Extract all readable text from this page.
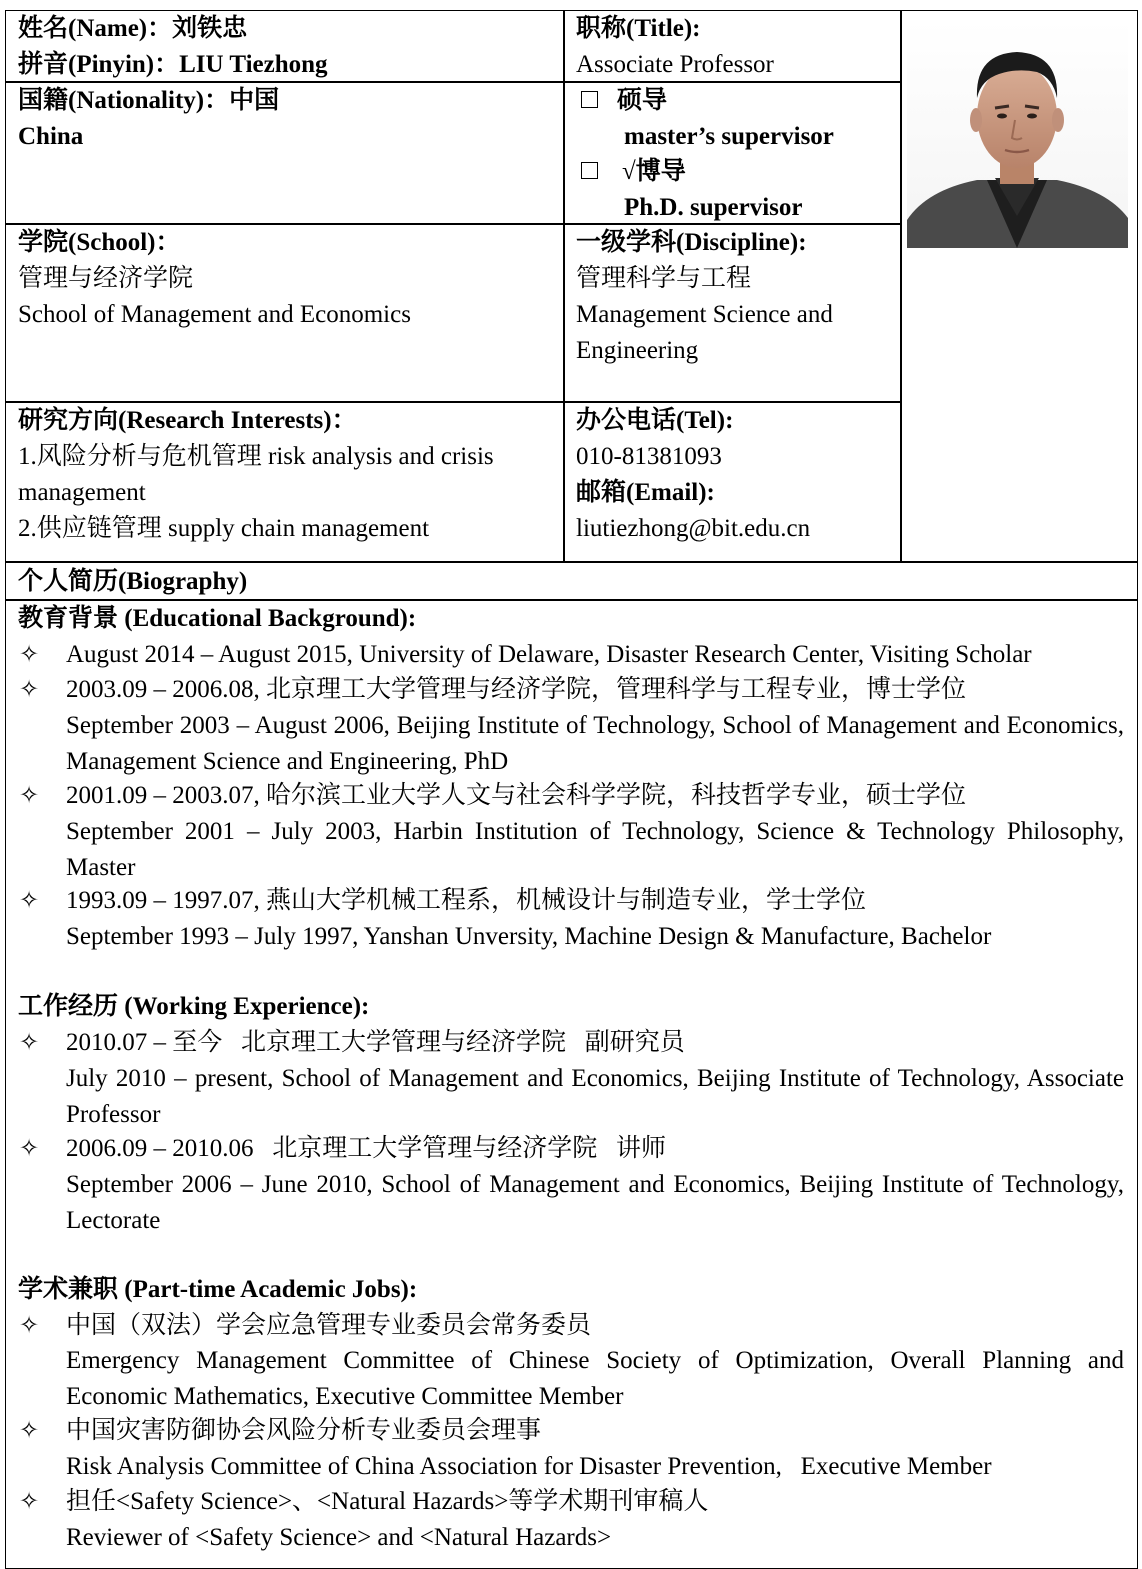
姓名(Name)：刘铁忠
拼音(Pinyin)：LIU Tiezhong
职称(Title):
Associate Professor
国籍(Nationality)：中国
China
硕导
master’s supervisor
√博导
Ph.D. supervisor
学院(School)：
管理与经济学院
School of Management and Economics
一级学科(Discipline):
管理科学与工程
Management Science and
Engineering
研究方向(Research Interests)：
1.风险分析与危机管理 risk analysis and crisis
management
2.供应链管理 supply chain management
办公电话(Tel):
010-81381093
邮箱(Email):
liutiezhong@bit.edu.cn
个人简历(Biography)
教育背景 (Educational Background):
✧ August 2014 – August 2015, University of Delaware, Disaster Research Center, Visiting Scholar
✧ 2003.09 – 2006.08, 北京理工大学管理与经济学院，管理科学与工程专业，博士学位
September 2003 – August 2006, Beijing Institute of Technology, School of Management and Economics, Management Science and Engineering, PhD
✧ 2001.09 – 2003.07, 哈尔滨工业大学人文与社会科学学院，科技哲学专业，硕士学位
September 2001 – July 2003, Harbin Institution of Technology, Science & Technology Philosophy, Master
✧ 1993.09 – 1997.07, 燕山大学机械工程系，机械设计与制造专业，学士学位
September 1993 – July 1997, Yanshan Unversity, Machine Design & Manufacture, Bachelor
工作经历 (Working Experience):
✧ 2010.07 – 至今   北京理工大学管理与经济学院   副研究员
July 2010 – present, School of Management and Economics, Beijing Institute of Technology, Associate Professor
✧ 2006.09 – 2010.06   北京理工大学管理与经济学院   讲师
September 2006 – June 2010, School of Management and Economics, Beijing Institute of Technology, Lectorate
学术兼职 (Part-time Academic Jobs):
✧ 中国（双法）学会应急管理专业委员会常务委员
Emergency Management Committee of Chinese Society of Optimization, Overall Planning and Economic Mathematics, Executive Committee Member
✧ 中国灾害防御协会风险分析专业委员会理事
Risk Analysis Committee of China Association for Disaster Prevention,   Executive Member
✧ 担任<Safety Science>、<Natural Hazards>等学术期刊审稿人
Reviewer of <Safety Science> and <Natural Hazards>
